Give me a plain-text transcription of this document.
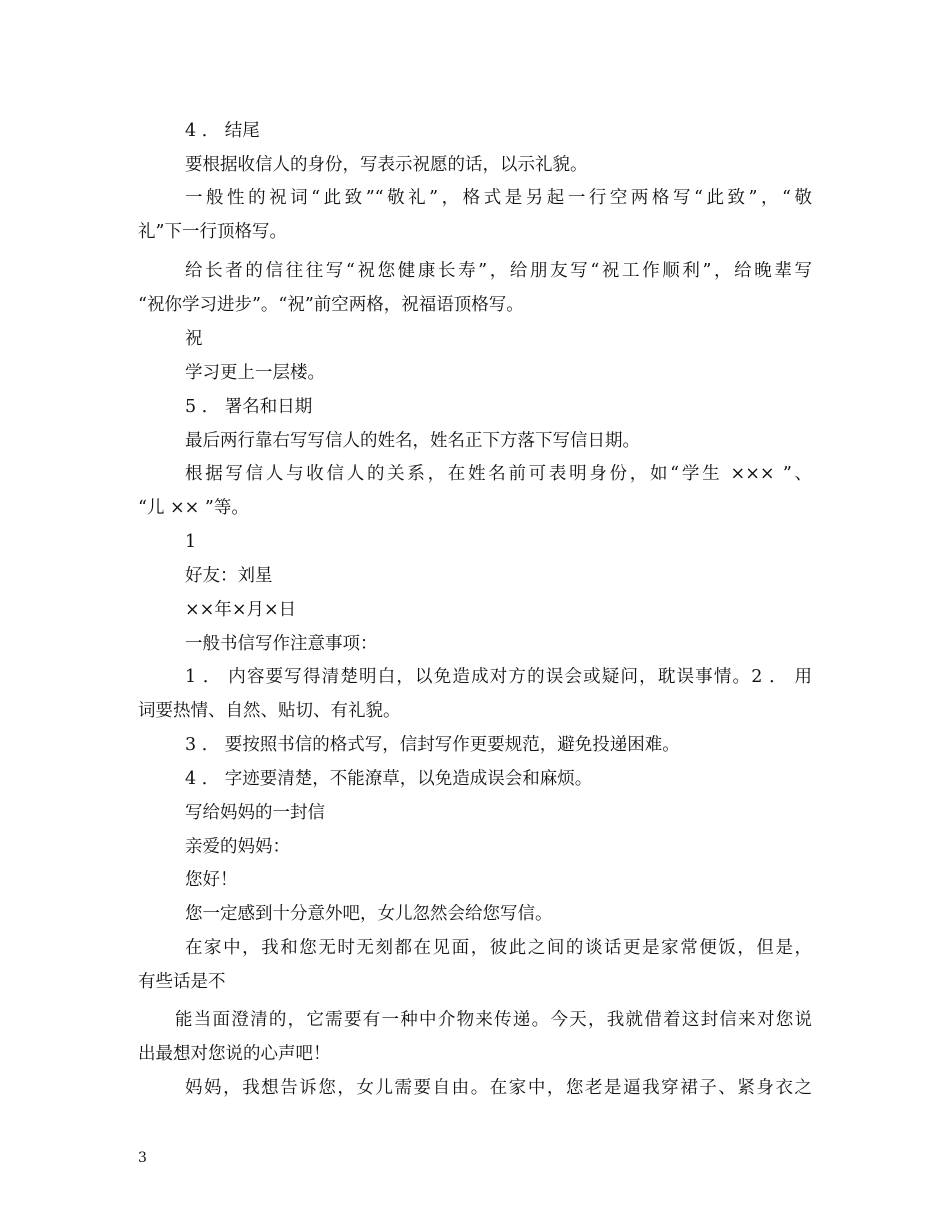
4 ． 结尾
要根据收信人的身份，写表示祝愿的话，以示礼貌。
一般性的祝词“此致”“敬礼”，格式是另起一行空两格写“此致”，“敬
礼”下一行顶格写。
给长者的信往往写“祝您健康长寿”，给朋友写“祝工作顺利”，给晚辈写
“祝你学习进步”。“祝”前空两格，祝福语顶格写。
祝
学习更上一层楼。
5 ． 署名和日期
最后两行靠右写写信人的姓名，姓名正下方落下写信日期。
根据写信人与收信人的关系，在姓名前可表明身份，如“学生 ××× ”、
“儿 ×× ”等。
1
好友：刘星
××年×月×日
一般书信写作注意事项：
1 ． 内容要写得清楚明白，以免造成对方的误会或疑问，耽误事情。2 ． 用
词要热情、自然、贴切、有礼貌。
3 ． 要按照书信的格式写，信封写作更要规范，避免投递困难。
4 ． 字迹要清楚，不能潦草，以免造成误会和麻烦。
写给妈妈的一封信
亲爱的妈妈：
您好！
您一定感到十分意外吧，女儿忽然会给您写信。
在家中，我和您无时无刻都在见面，彼此之间的谈话更是家常便饭，但是，
有些话是不
能当面澄清的，它需要有一种中介物来传递。今天，我就借着这封信来对您说
出最想对您说的心声吧！
妈妈，我想告诉您，女儿需要自由。在家中，您老是逼我穿裙子、紧身衣之
3
